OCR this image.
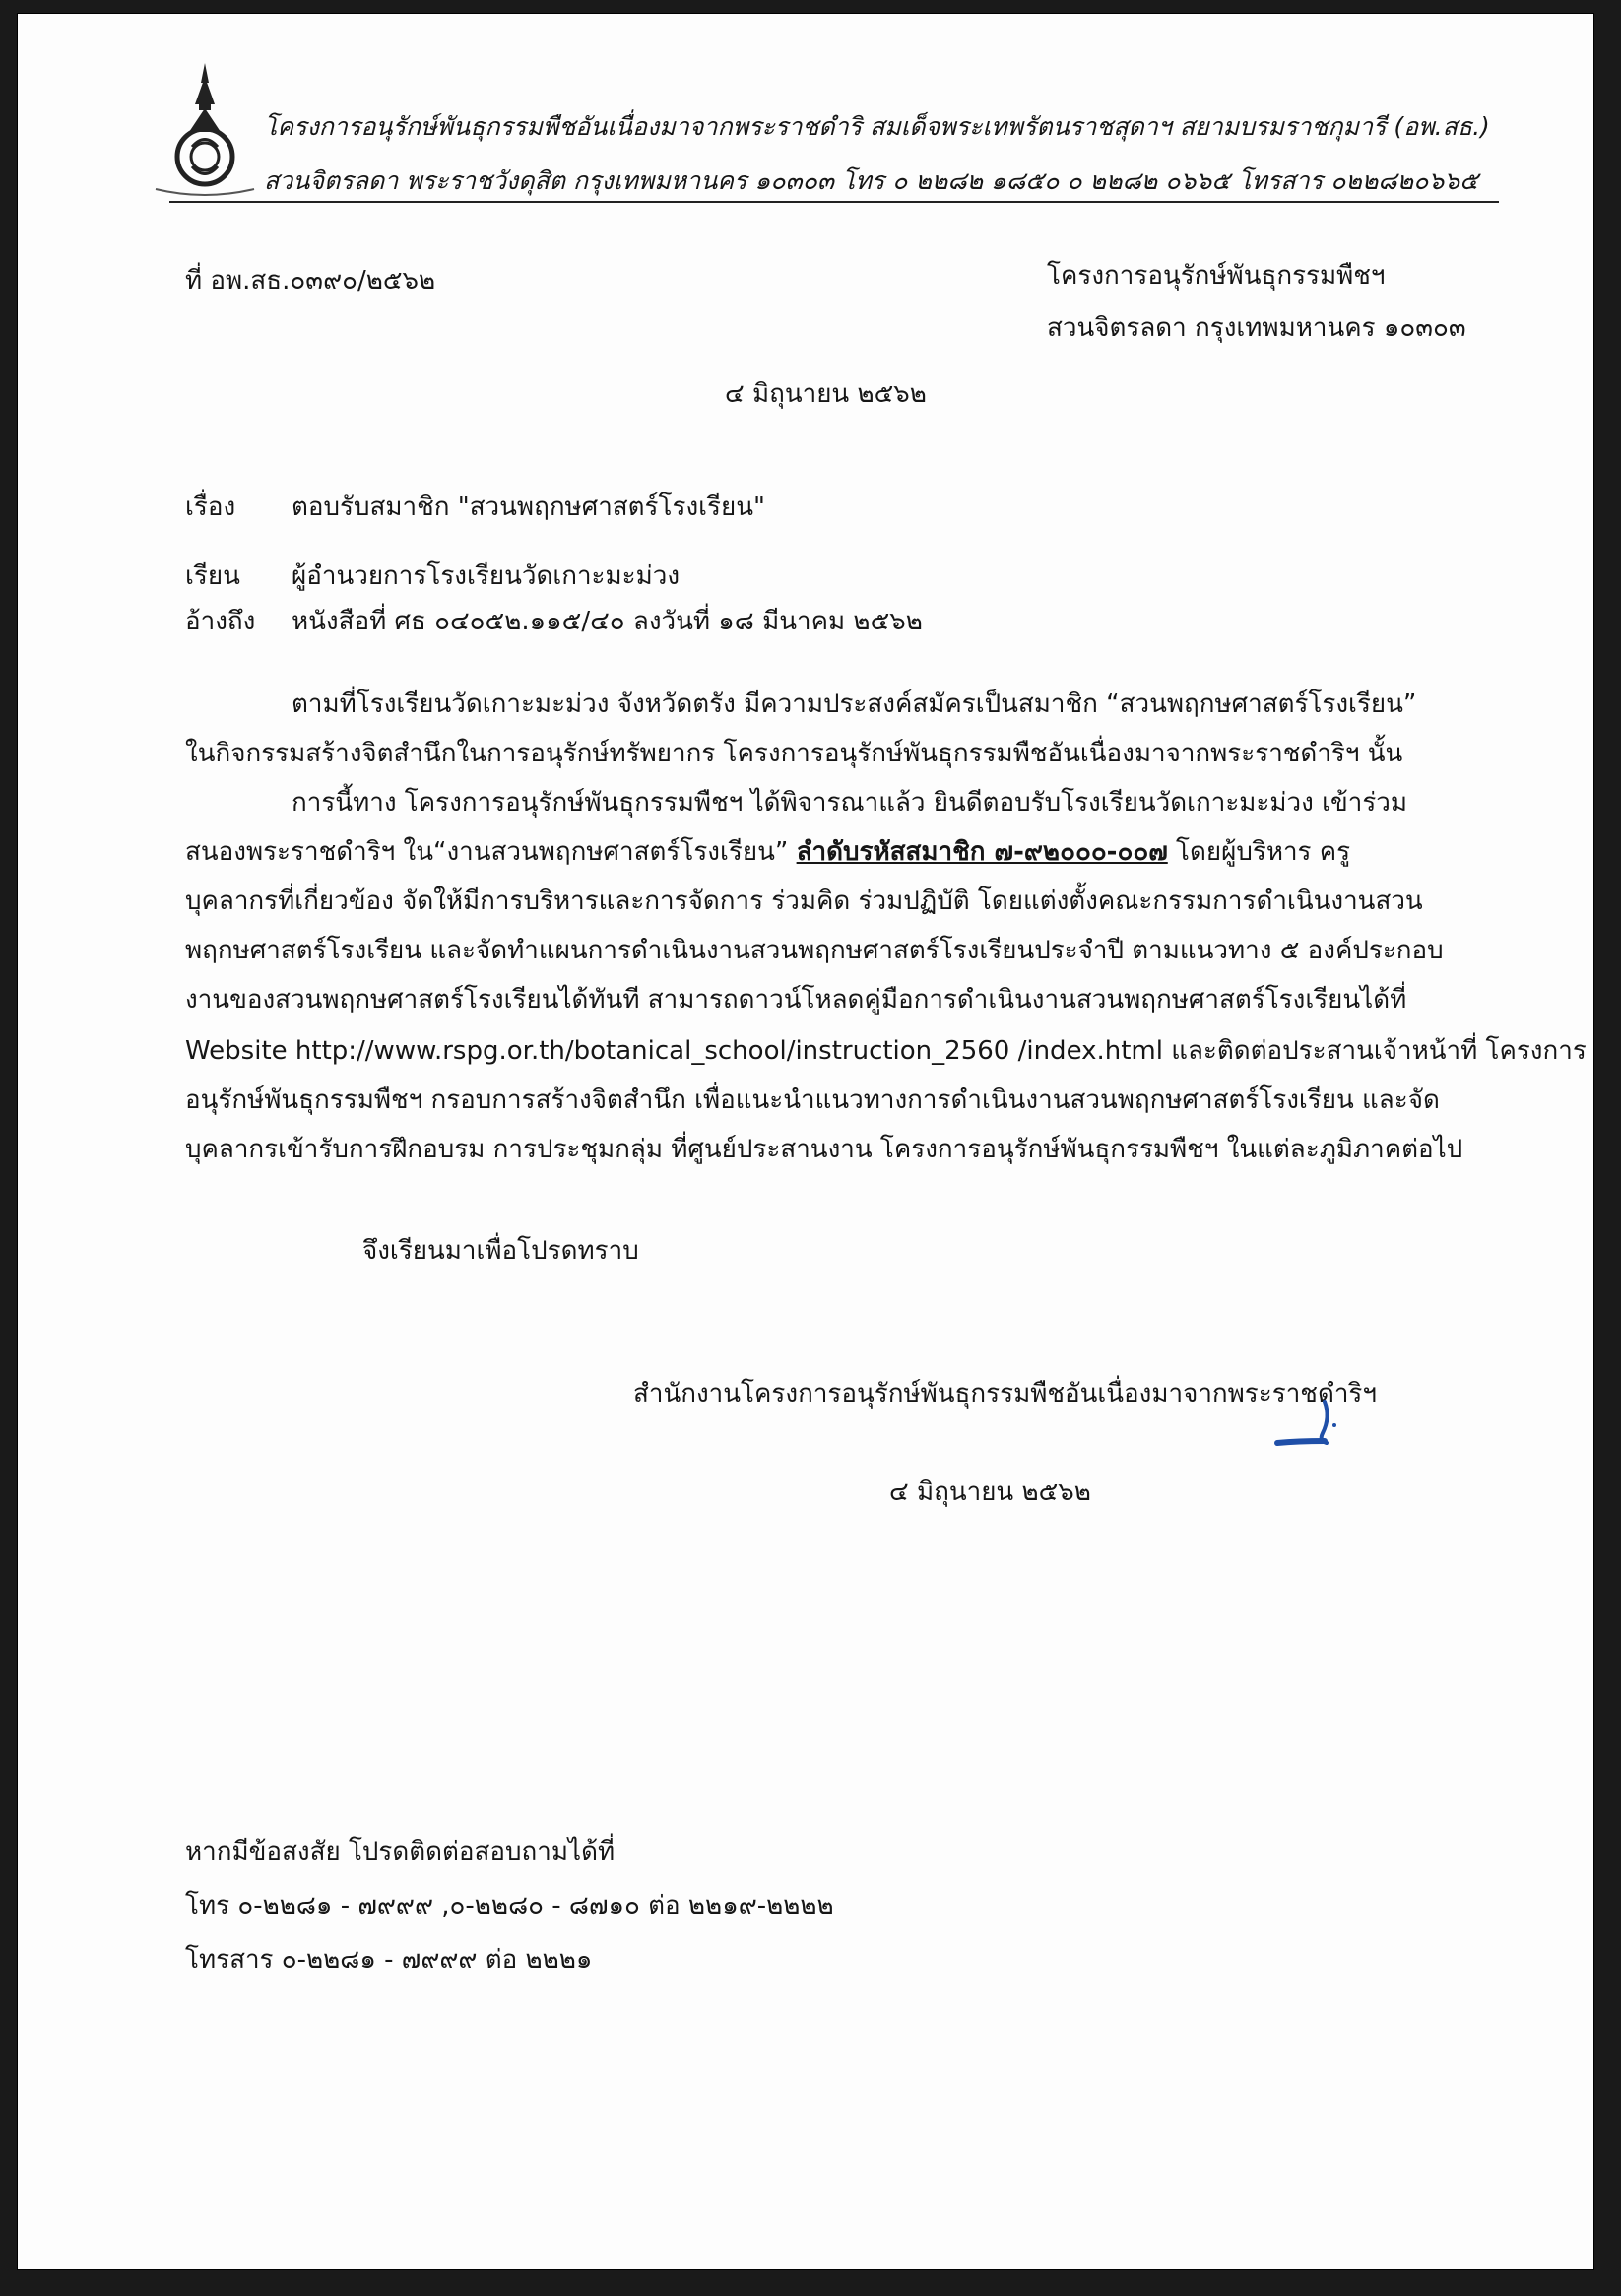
โครงการอนุรักษ์พันธุกรรมพืชอันเนื่องมาจากพระราชดำริ สมเด็จพระเทพรัตนราชสุดาฯ สยามบรมราชกุมารี (อพ.สธ.)
สวนจิตรลดา พระราชวังดุสิต กรุงเทพมหานคร ๑๐๓๐๓ โทร ๐ ๒๒๘๒ ๑๘๕๐ ๐ ๒๒๘๒ ๐๖๖๕ โทรสาร ๐๒๒๘๒๐๖๖๕
ที่ อพ.สธ.๐๓๙๐/๒๕๖๒	โครงการอนุรักษ์พันธุกรรมพืชฯ
สวนจิตรลดา กรุงเทพมหานคร ๑๐๓๐๓
๔ มิถุนายน ๒๕๖๒
เรื่อง ตอบรับสมาชิก "สวนพฤกษศาสตร์โรงเรียน"
เรียน ผู้อำนวยการโรงเรียนวัดเกาะมะม่วง
อ้างถึง หนังสือที่ ศธ ๐๔๐๕๒.๑๑๕/๔๐ ลงวันที่ ๑๘ มีนาคม ๒๕๖๒
ตามที่โรงเรียนวัดเกาะมะม่วง จังหวัดตรัง มีความประสงค์สมัครเป็นสมาชิก “สวนพฤกษศาสตร์โรงเรียน”
ในกิจกรรมสร้างจิตสำนึกในการอนุรักษ์ทรัพยากร โครงการอนุรักษ์พันธุกรรมพืชอันเนื่องมาจากพระราชดำริฯ นั้น
การนี้ทาง โครงการอนุรักษ์พันธุกรรมพืชฯ ได้พิจารณาแล้ว ยินดีตอบรับโรงเรียนวัดเกาะมะม่วง เข้าร่วม
สนองพระราชดำริฯ ใน“งานสวนพฤกษศาสตร์โรงเรียน” ลำดับรหัสสมาชิก ๗-๙๒๐๐๐-๐๐๗ โดยผู้บริหาร ครู
บุคลากรที่เกี่ยวข้อง จัดให้มีการบริหารและการจัดการ ร่วมคิด ร่วมปฏิบัติ โดยแต่งตั้งคณะกรรมการดำเนินงานสวน
พฤกษศาสตร์โรงเรียน และจัดทำแผนการดำเนินงานสวนพฤกษศาสตร์โรงเรียนประจำปี ตามแนวทาง ๕ องค์ประกอบ
งานของสวนพฤกษศาสตร์โรงเรียนได้ทันที สามารถดาวน์โหลดคู่มือการดำเนินงานสวนพฤกษศาสตร์โรงเรียนได้ที่
Website http://www.rspg.or.th/botanical_school/instruction_2560 /index.html และติดต่อประสานเจ้าหน้าที่ โครงการ
อนุรักษ์พันธุกรรมพืชฯ กรอบการสร้างจิตสำนึก เพื่อแนะนำแนวทางการดำเนินงานสวนพฤกษศาสตร์โรงเรียน และจัด
บุคลากรเข้ารับการฝึกอบรม การประชุมกลุ่ม ที่ศูนย์ประสานงาน โครงการอนุรักษ์พันธุกรรมพืชฯ ในแต่ละภูมิภาคต่อไป
จึงเรียนมาเพื่อโปรดทราบ
สำนักงานโครงการอนุรักษ์พันธุกรรมพืชอันเนื่องมาจากพระราชดำริฯ
๔ มิถุนายน ๒๕๖๒
หากมีข้อสงสัย โปรดติดต่อสอบถามได้ที่
โทร ๐-๒๒๘๑ - ๗๙๙๙ ,๐-๒๒๘๐ - ๘๗๑๐ ต่อ ๒๒๑๙-๒๒๒๒
โทรสาร ๐-๒๒๘๑ - ๗๙๙๙ ต่อ ๒๒๒๑
